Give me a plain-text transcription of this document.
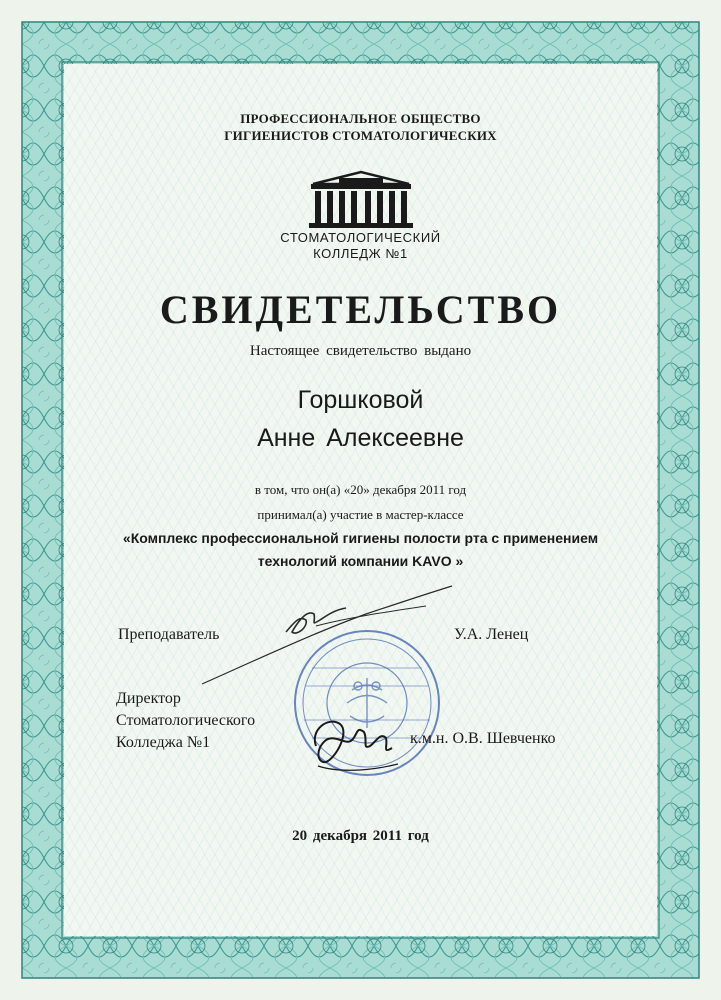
ПРОФЕССИОНАЛЬНОЕ ОБЩЕСТВО
ГИГИЕНИСТОВ СТОМАТОЛОГИЧЕСКИХ
СТОМАТОЛОГИЧЕСКИЙ
КОЛЛЕДЖ №1
СВИДЕТЕЛЬСТВО
Настоящее свидетельство выдано
Горшковой
Анне Алексеевне
в том, что он(а) «20» декабря 2011 год
принимал(а) участие в мастер-классе
«Комплекс профессиональной гигиены полости рта с применением
технологий компании KAVO »
Преподаватель	У.А. Ленец
Директор
Стоматологического
Колледжа №1	к.м.н. О.В. Шевченко
20 декабря 2011 год
